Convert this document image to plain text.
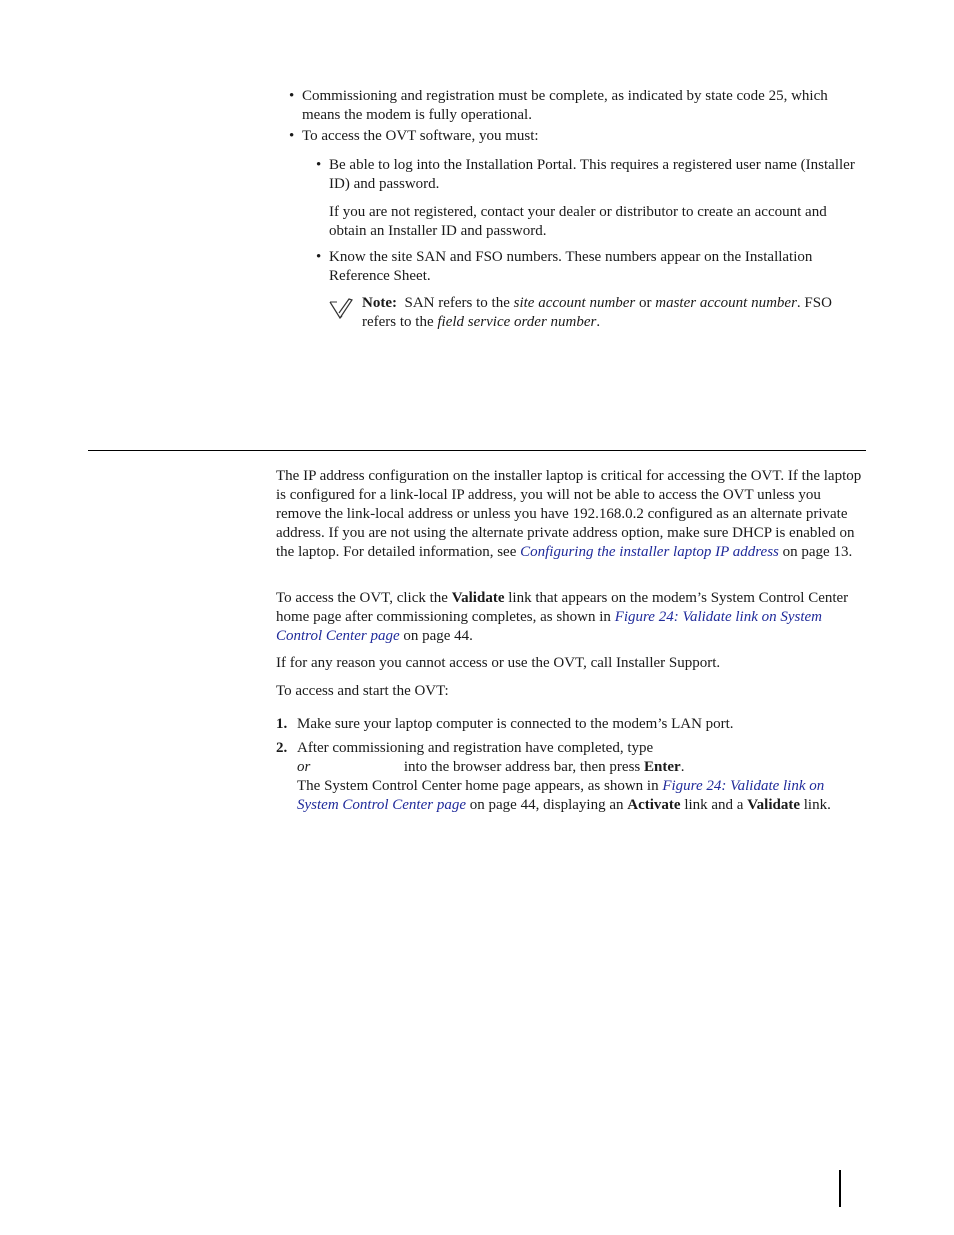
• Commissioning and registration must be complete, as indicated by state code 25, which means the modem is fully operational.
• To access the OVT software, you must:
• Be able to log into the Installation Portal. This requires a registered user name (Installer ID) and password.
If you are not registered, contact your dealer or distributor to create an account and obtain an Installer ID and password.
• Know the site SAN and FSO numbers. These numbers appear on the Installation Reference Sheet.
Note: SAN refers to the site account number or master account number. FSO refers to the field service order number.
The IP address configuration on the installer laptop is critical for accessing the OVT. If the laptop is configured for a link-local IP address, you will not be able to access the OVT unless you remove the link-local address or unless you have 192.168.0.2 configured as an alternate private address. If you are not using the alternate private address option, make sure DHCP is enabled on the laptop. For detailed information, see Configuring the installer laptop IP address on page 13.
To access the OVT, click the Validate link that appears on the modem’s System Control Center home page after commissioning completes, as shown in Figure 24: Validate link on System Control Center page on page 44.
If for any reason you cannot access or use the OVT, call Installer Support.
To access and start the OVT:
1. Make sure your laptop computer is connected to the modem’s LAN port.
2. After commissioning and registration have completed, type
or	into the browser address bar, then press Enter.
The System Control Center home page appears, as shown in Figure 24: Validate link on System Control Center page on page 44, displaying an Activate link and a Validate link.
